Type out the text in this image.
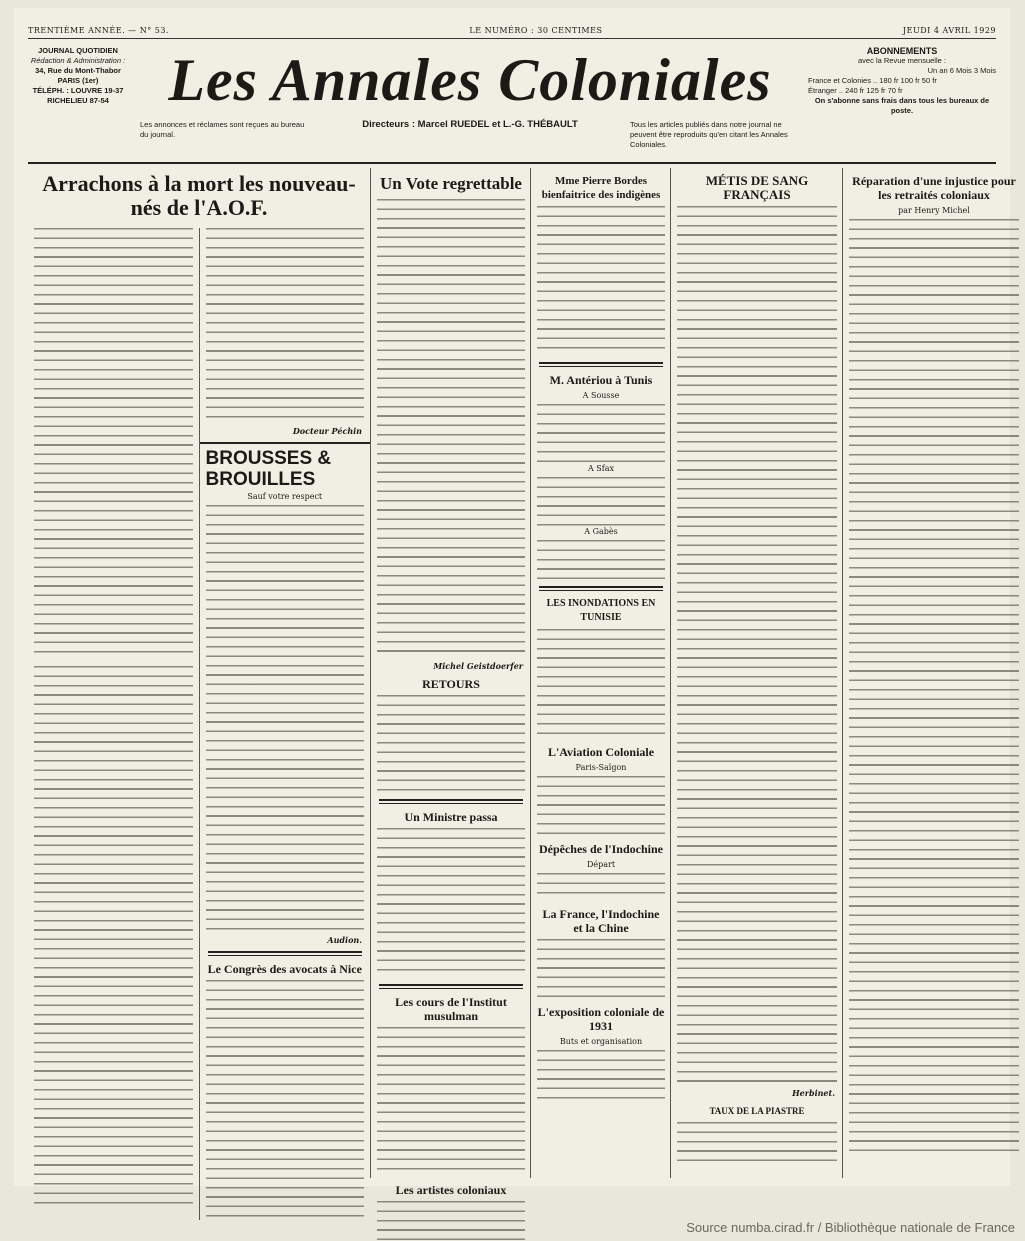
TRENTIÈME ANNÉE. — N° 53.	LE NUMÉRO : 30 CENTIMES	JEUDI 4 AVRIL 1929
JOURNAL QUOTIDIEN
Rédaction & Administration :

34, Rue du Mont-Thabor
PARIS (1er)
TÉLÉPH. : LOUVRE 19-37
RICHELIEU 87-54 Les Annales Coloniales
Les annonces et réclames sont reçues au bureau du journal.
Directeurs : Marcel RUEDEL et L.-G. THÉBAULT	Tous les articles publiés dans notre journal ne peuvent être reproduits qu'en citant les Annales Coloniales.
ABONNEMENTS
avec la Revue mensuelle :
Un an 6 Mois 3 Mois
France et Colonies .. 180 fr 100 fr 50 fr
Étranger .. 240 fr 125 fr 70 fr
On s'abonne sans frais dans tous les bureaux de poste.
Arrachons à la mort les nouveau-nés de l'A.O.F.
Docteur Péchin
BROUSSES & BROUILLES
Sauf votre respect
Audion.
Le Congrès des avocats à Nice
Un Vote regrettable
Michel Geistdoerfer
RETOURS
Un Ministre passa
Les cours de l'Institut musulman
Les artistes coloniaux
Mme Pierre Bordes bienfaitrice des indigènes
M. Antériou à Tunis
A Sousse
A Sfax
A Gabès
LES INONDATIONS EN TUNISIE
L'Aviation Coloniale
Paris-Saïgon
Dépêches de l'Indochine
Départ
La France, l'Indochine et la Chine
L'exposition coloniale de 1931
Buts et organisation
MÉTIS DE SANG FRANÇAIS
Herbinet.
TAUX DE LA PIASTRE
Réparation d'une injustice pour les retraités coloniaux
par Henry Michel
Source numba.cirad.fr / Bibliothèque nationale de France
